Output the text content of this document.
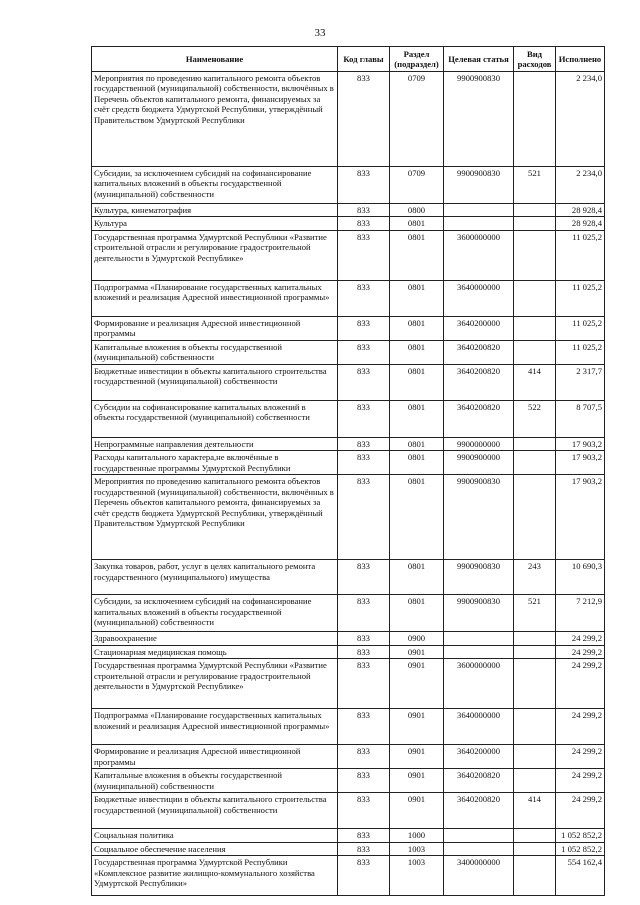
33
Наименование	Код главы	Раздел (подраздел)	Целевая статья	Вид расходов	Исполнено
Мероприятия по проведению капитального ремонта объектов государственной (муниципальной) собственности, включённых в Перечень объектов капитального ремонта, финансируемых за счёт средств бюджета Удмуртской Республики, утверждённый Правительством Удмуртской Республики	833	0709	9900900830		2 234,0
Субсидии, за исключением субсидий на софинансирование капитальных вложений в объекты государственной (муниципальной) собственности	833	0709	9900900830	521	2 234,0
Культура, кинематография	833	0800			28 928,4
Культура	833	0801			28 928,4
Государственная программа Удмуртской Республики «Развитие строительной отрасли и регулирование градостроительной деятельности в Удмуртской Республике»	833	0801	3600000000		11 025,2
Подпрограмма «Планирование государственных капитальных вложений и реализация Адресной инвестиционной программы»	833	0801	3640000000		11 025,2
Формирование и реализация Адресной инвестиционной программы	833	0801	3640200000		11 025,2
Капитальные вложения в объекты государственной (муниципальной) собственности	833	0801	3640200820		11 025,2
Бюджетные инвестиции в объекты капитального строительства государственной (муниципальной) собственности	833	0801	3640200820	414	2 317,7
Субсидии на софинансирование капитальных вложений в объекты государственной (муниципальной) собственности	833	0801	3640200820	522	8 707,5
Непрограммные направления деятельности	833	0801	9900000000		17 903,2
Расходы капитального характера,не включённые в государственные программы Удмуртской Республики	833	0801	9900900000		17 903,2
Мероприятия по проведению капитального ремонта объектов государственной (муниципальной) собственности, включённых в Перечень объектов капитального ремонта, финансируемых за счёт средств бюджета Удмуртской Республики, утверждённый Правительством Удмуртской Республики	833	0801	9900900830		17 903,2
Закупка товаров, работ, услуг в целях капитального ремонта государственного (муниципального) имущества	833	0801	9900900830	243	10 690,3
Субсидии, за исключением субсидий на софинансирование капитальных вложений в объекты государственной (муниципальной) собственности	833	0801	9900900830	521	7 212,9
Здравоохранение	833	0900			24 299,2
Стационарная медицинская помощь	833	0901			24 299,2
Государственная программа Удмуртской Республики «Развитие строительной отрасли и регулирование градостроительной деятельности в Удмуртской Республике»	833	0901	3600000000		24 299,2
Подпрограмма «Планирование государственных капитальных вложений и реализация Адресной инвестиционной программы»	833	0901	3640000000		24 299,2
Формирование и реализация Адресной инвестиционной программы	833	0901	3640200000		24 299,2
Капитальные вложения в объекты государственной (муниципальной) собственности	833	0901	3640200820		24 299,2
Бюджетные инвестиции в объекты капитального строительства государственной (муниципальной) собственности	833	0901	3640200820	414	24 299,2
Социальная политика	833	1000			1 052 852,2
Социальное обеспечение населения	833	1003			1 052 852,2
Государственная программа Удмуртской Республики «Комплексное развитие жилищно-коммунального хозяйства Удмуртской Республики»	833	1003	3400000000		554 162,4
